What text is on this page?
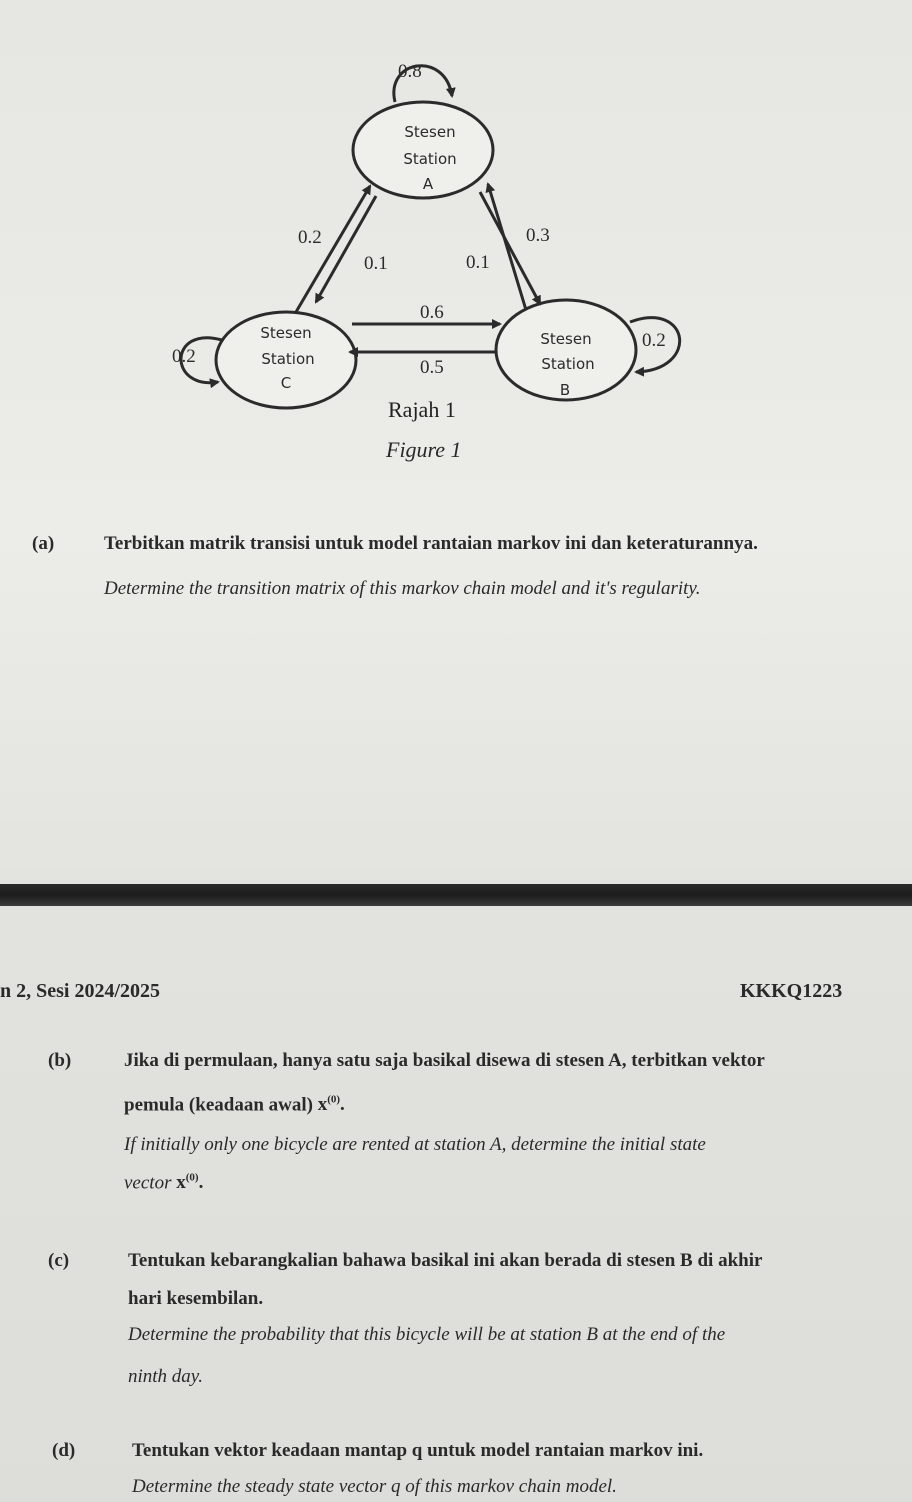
Stesen
Station
A
0.8
Stesen
Station
C
0.2
Stesen
Station
B
0.2
0.2
0.1
0.3
0.1
0.6
0.5
Rajah 1
Figure 1
(a)	Terbitkan matrik transisi untuk model rantaian markov ini dan keteraturannya.
Determine the transition matrix of this markov chain model and it's regularity.
n 2, Sesi 2024/2025	KKKQ1223
(b)	Jika di permulaan, hanya satu saja basikal disewa di stesen A, terbitkan vektor
pemula (keadaan awal) $x^{(0)}$.
If initially only one bicycle are rented at station A, determine the initial state
vector $x^{(0)}$.
(c)	Tentukan kebarangkalian bahawa basikal ini akan berada di stesen B di akhir
hari kesembilan.
Determine the probability that this bicycle will be at station B at the end of the
ninth day.
(d)	Tentukan vektor keadaan mantap q untuk model rantaian markov ini.
Determine the steady state vector q of this markov chain model.
